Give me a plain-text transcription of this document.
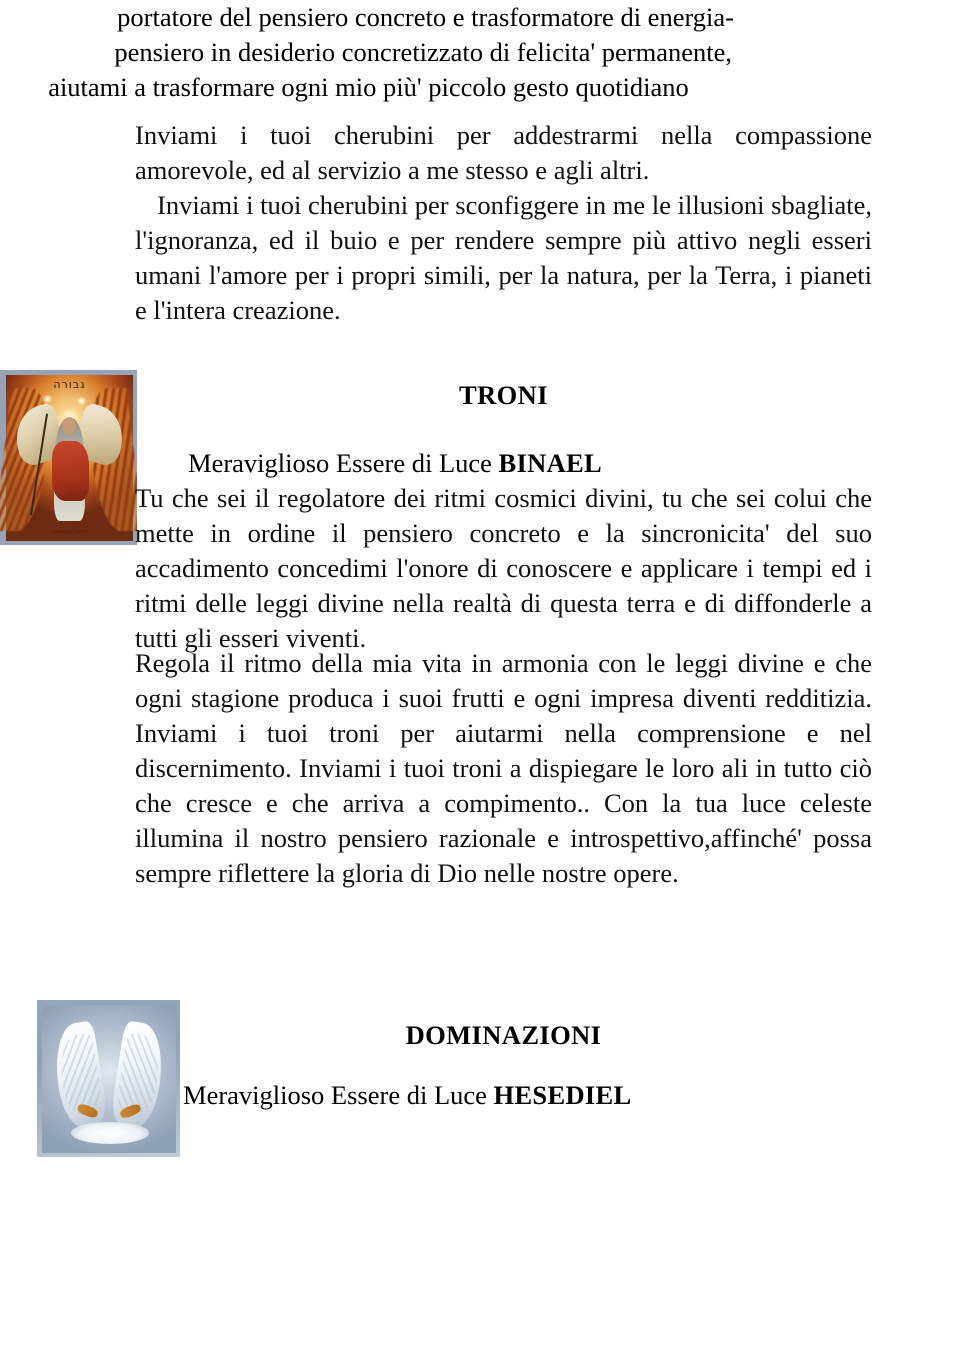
Inviami i tuoi cherubini per addestrarmi nella compassione amorevole, ed al servizio a me stesso e agli altri.

Inviami i tuoi cherubini per sconfiggere in me le illusioni sbagliate, l'ignoranza, ed il buio e per rendere sempre più attivo negli esseri umani l'amore per i propri simili, per la natura, per la Terra, i pianeti e l'intera creazione.

גבורה
Archangel Gabriel
TRONI
Meraviglioso Essere di Luce BINAEL

Tu che sei il regolatore dei ritmi cosmici divini, tu che sei colui che mette in ordine il pensiero concreto e la sincronicita' del suo accadimento concedimi l'onore di conoscere e applicare i tempi ed i ritmi delle leggi divine nella realtà di questa terra e di diffonderle a tutti gli esseri viventi.

Regola il ritmo della mia vita in armonia con le leggi divine e che ogni stagione produca i suoi frutti e ogni impresa diventi redditizia. Inviami i tuoi troni per aiutarmi nella comprensione e nel discernimento. Inviami i tuoi troni a dispiegare le loro ali in tutto ciò che cresce e che arriva a compimento.. Con la tua luce celeste illumina il nostro pensiero razionale e introspettivo,affinché' possa sempre riflettere la gloria di Dio nelle nostre opere.

DOMINAZIONI
Meraviglioso Essere di Luce HESEDIEL
portatore del pensiero concreto e trasformatore di energia-
pensiero in desiderio concretizzato di felicita' permanente,
aiutami a trasformare ogni mio più' piccolo gesto quotidiano
